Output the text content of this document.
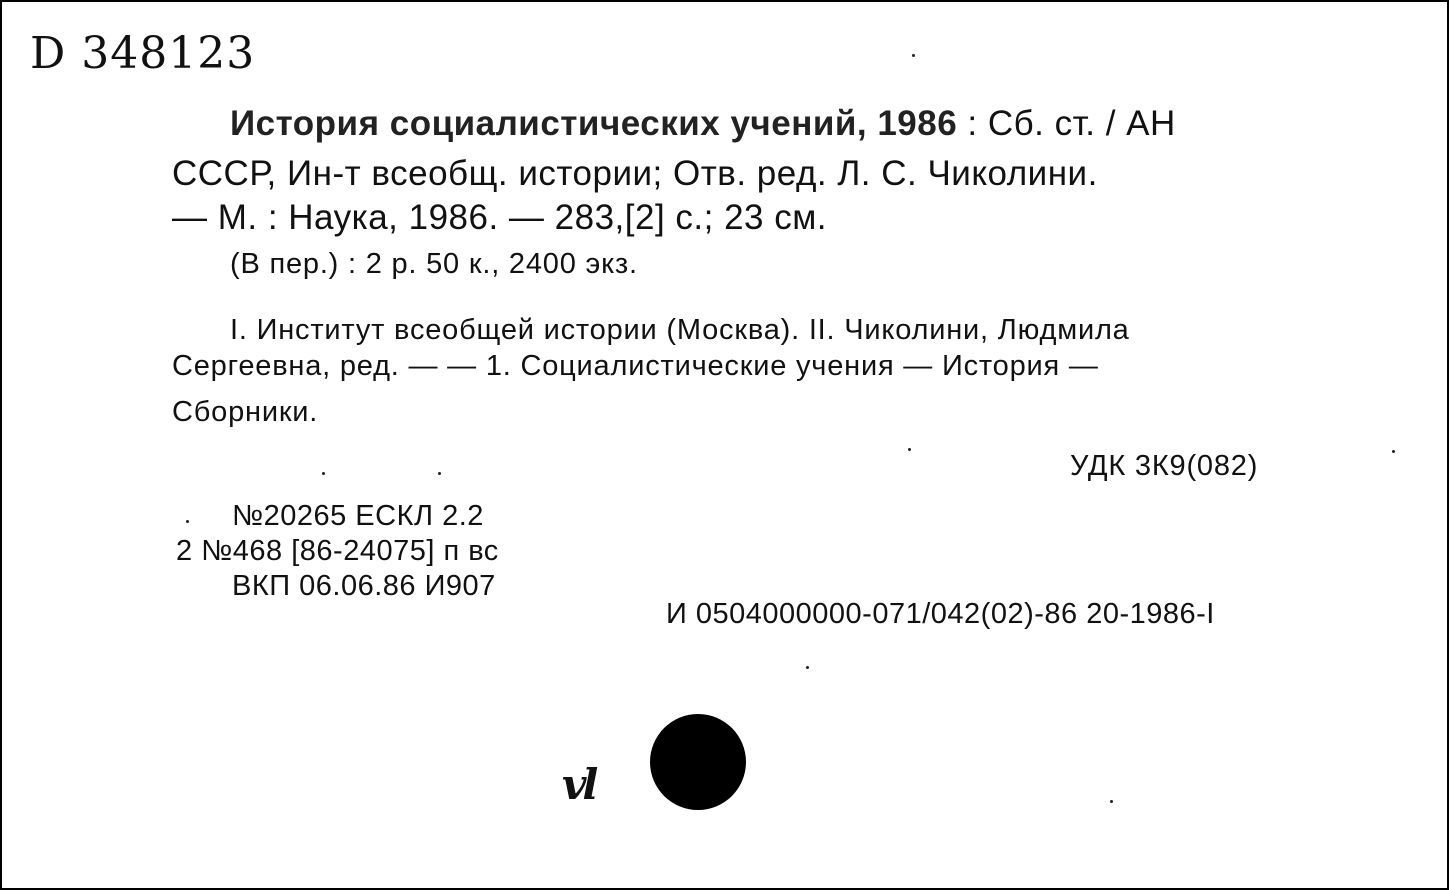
D 348123
История социалистических учений, 1986 : Сб. ст. / АН
СССР, Ин-т всеобщ. истории; Отв. ред. Л. С. Чиколини.
— М. : Наука, 1986. — 283,[2] с.; 23 см.
(В пер.) : 2 р. 50 к., 2400 экз.
I. Институт всеобщей истории (Москва). II. Чиколини, Людмила
Сергеевна, ред. — — 1. Социалистические учения — История —
Сборники.
УДК 3К9(082)
№20265 ЕСКЛ 2.2
2 №468 [86-24075] п вс
ВКП 06.06.86 И907
И 0504000000-071/042(02)-86 20-1986-I
vl
